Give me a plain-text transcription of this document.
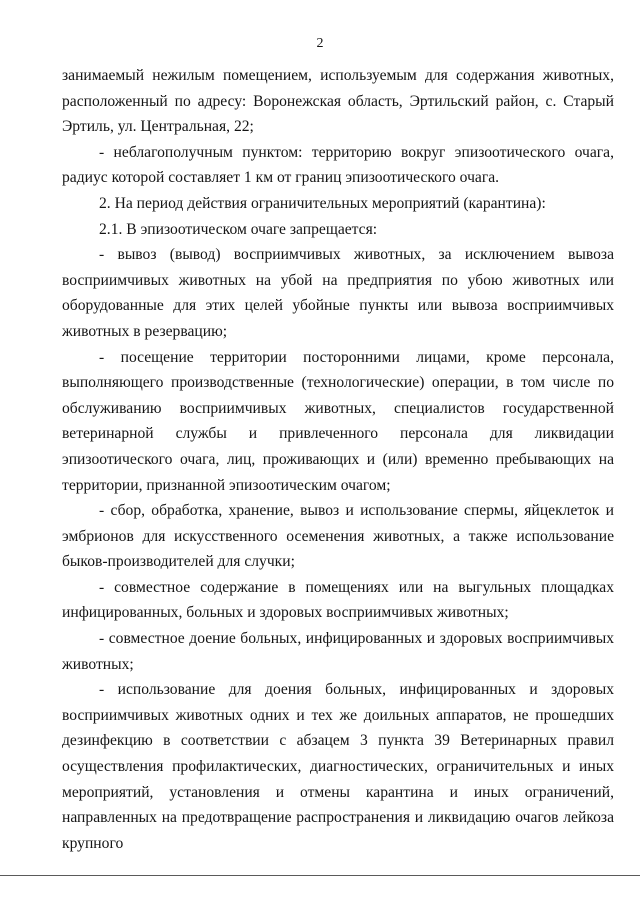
2

занимаемый нежилым помещением, используемым для содержания животных, расположенный по адресу: Воронежская область, Эртильский район, с. Старый Эртиль, ул. Центральная, 22;

- неблагополучным пунктом: территорию вокруг эпизоотического очага, радиус которой составляет 1 км от границ эпизоотического очага.

2. На период действия ограничительных мероприятий (карантина):

2.1. В эпизоотическом очаге запрещается:

- вывоз (вывод) восприимчивых животных, за исключением вывоза восприимчивых животных на убой на предприятия по убою животных или оборудованные для этих целей убойные пункты или вывоза восприимчивых животных в резервацию;

- посещение территории посторонними лицами, кроме персонала, выполняющего производственные (технологические) операции, в том числе по обслуживанию восприимчивых животных, специалистов государственной ветеринарной службы и привлеченного персонала для ликвидации эпизоотического очага, лиц, проживающих и (или) временно пребывающих на территории, признанной эпизоотическим очагом;

- сбор, обработка, хранение, вывоз и использование спермы, яйцеклеток и эмбрионов для искусственного осеменения животных, а также использование быков-производителей для случки;

- совместное содержание в помещениях или на выгульных площадках инфицированных, больных и здоровых восприимчивых животных;

- совместное доение больных, инфицированных и здоровых восприимчивых животных;

- использование для доения больных, инфицированных и здоровых восприимчивых животных одних и тех же доильных аппаратов, не прошедших дезинфекцию в соответствии с абзацем 3 пункта 39 Ветеринарных правил осуществления профилактических, диагностических, ограничительных и иных мероприятий, установления и отмены карантина и иных ограничений, направленных на предотвращение распространения и ликвидацию очагов лейкоза крупного
